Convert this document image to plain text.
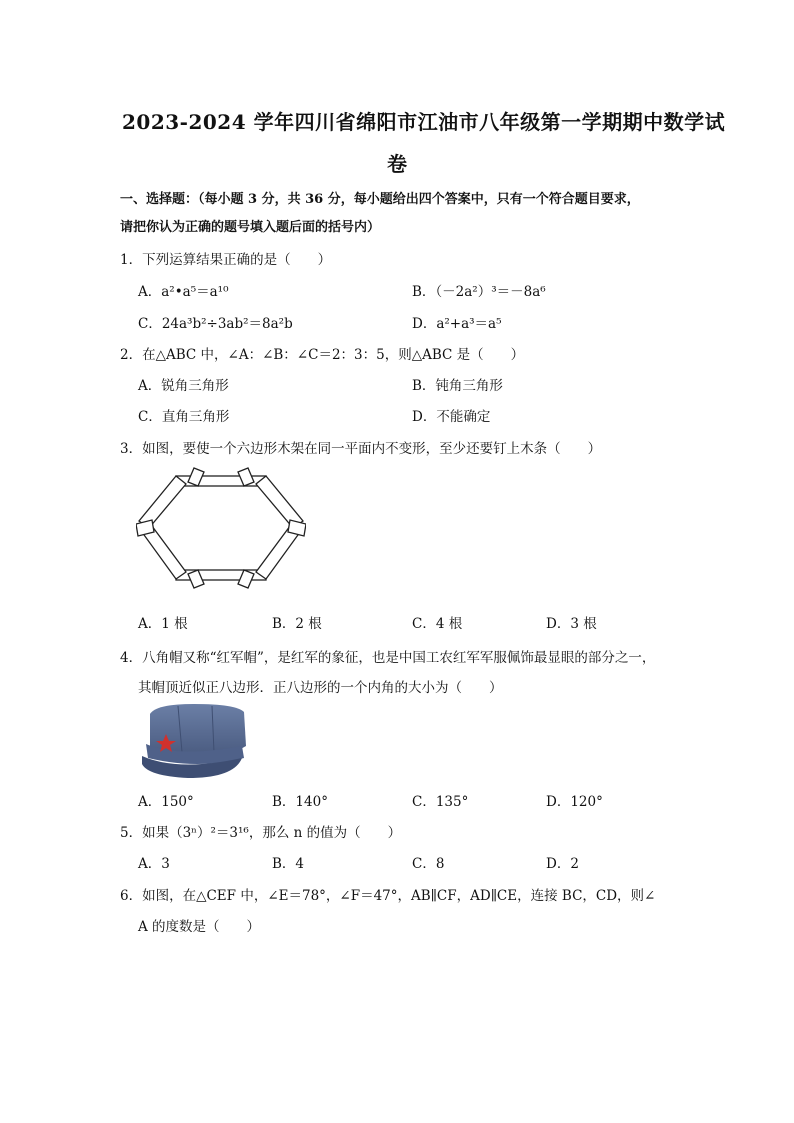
2023-2024 学年四川省绵阳市江油市八年级第一学期期中数学试
卷
一、选择题：（每小题 3 分，共 36 分，每小题给出四个答案中，只有一个符合题目要求，
请把你认为正确的题号填入题后面的括号内）
1．下列运算结果正确的是（　　）
A．a²•a⁵＝a¹⁰	B．（－2a²）³＝－8a⁶
C．24a³b²÷3ab²＝8a²b	D．a²+a³＝a⁵
2．在△ABC 中，∠A：∠B：∠C＝2：3：5，则△ABC 是（　　）
A．锐角三角形	B．钝角三角形
C．直角三角形	D．不能确定
3．如图，要使一个六边形木架在同一平面内不变形，至少还要钉上木条（　　）
A．1 根	B．2 根	C．4 根	D．3 根
4．八角帽又称“红军帽”，是红军的象征，也是中国工农红军军服佩饰最显眼的部分之一，
其帽顶近似正八边形．正八边形的一个内角的大小为（　　）
A．150°	B．140°	C．135°	D．120°
5．如果（3ⁿ）²＝3¹⁶，那么 n 的值为（　　）
A．3	B．4	C．8	D．2
6．如图，在△CEF 中，∠E＝78°，∠F＝47°，AB∥CF，AD∥CE，连接 BC，CD，则∠
A 的度数是（　　）
